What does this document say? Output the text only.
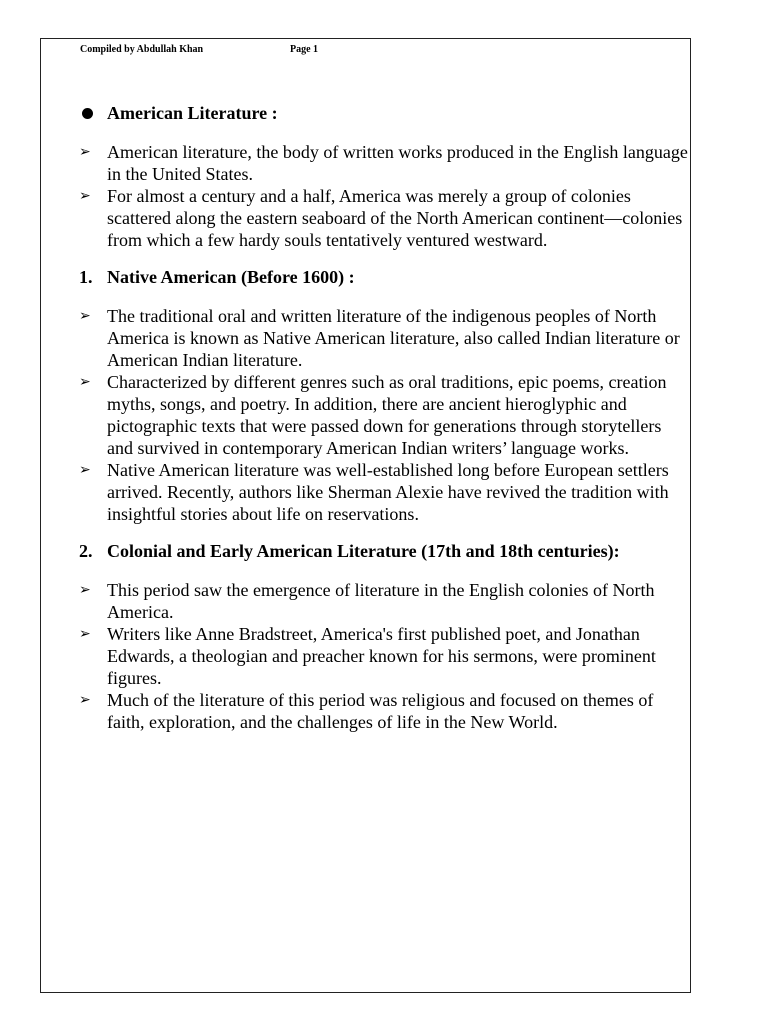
Compiled by Abdullah Khan	Page 1
American Literature :
➢ American literature, the body of written works produced in the English language in the United States.
➢ For almost a century and a half, America was merely a group of colonies scattered along the eastern seaboard of the North American continent—colonies from which a few hardy souls tentatively ventured westward.
1. Native American (Before 1600) :
➢ The traditional oral and written literature of the indigenous peoples of North America is known as Native American literature, also called Indian literature or American Indian literature.
➢ Characterized by different genres such as oral traditions, epic poems, creation myths, songs, and poetry. In addition, there are ancient hieroglyphic and pictographic texts that were passed down for generations through storytellers and survived in contemporary American Indian writers’ language works.
➢ Native American literature was well-established long before European settlers arrived. Recently, authors like Sherman Alexie have revived the tradition with insightful stories about life on reservations.
2. Colonial and Early American Literature (17th and 18th centuries):
➢ This period saw the emergence of literature in the English colonies of North America.
➢ Writers like Anne Bradstreet, America's first published poet, and Jonathan Edwards, a theologian and preacher known for his sermons, were prominent figures.
➢ Much of the literature of this period was religious and focused on themes of faith, exploration, and the challenges of life in the New World.
